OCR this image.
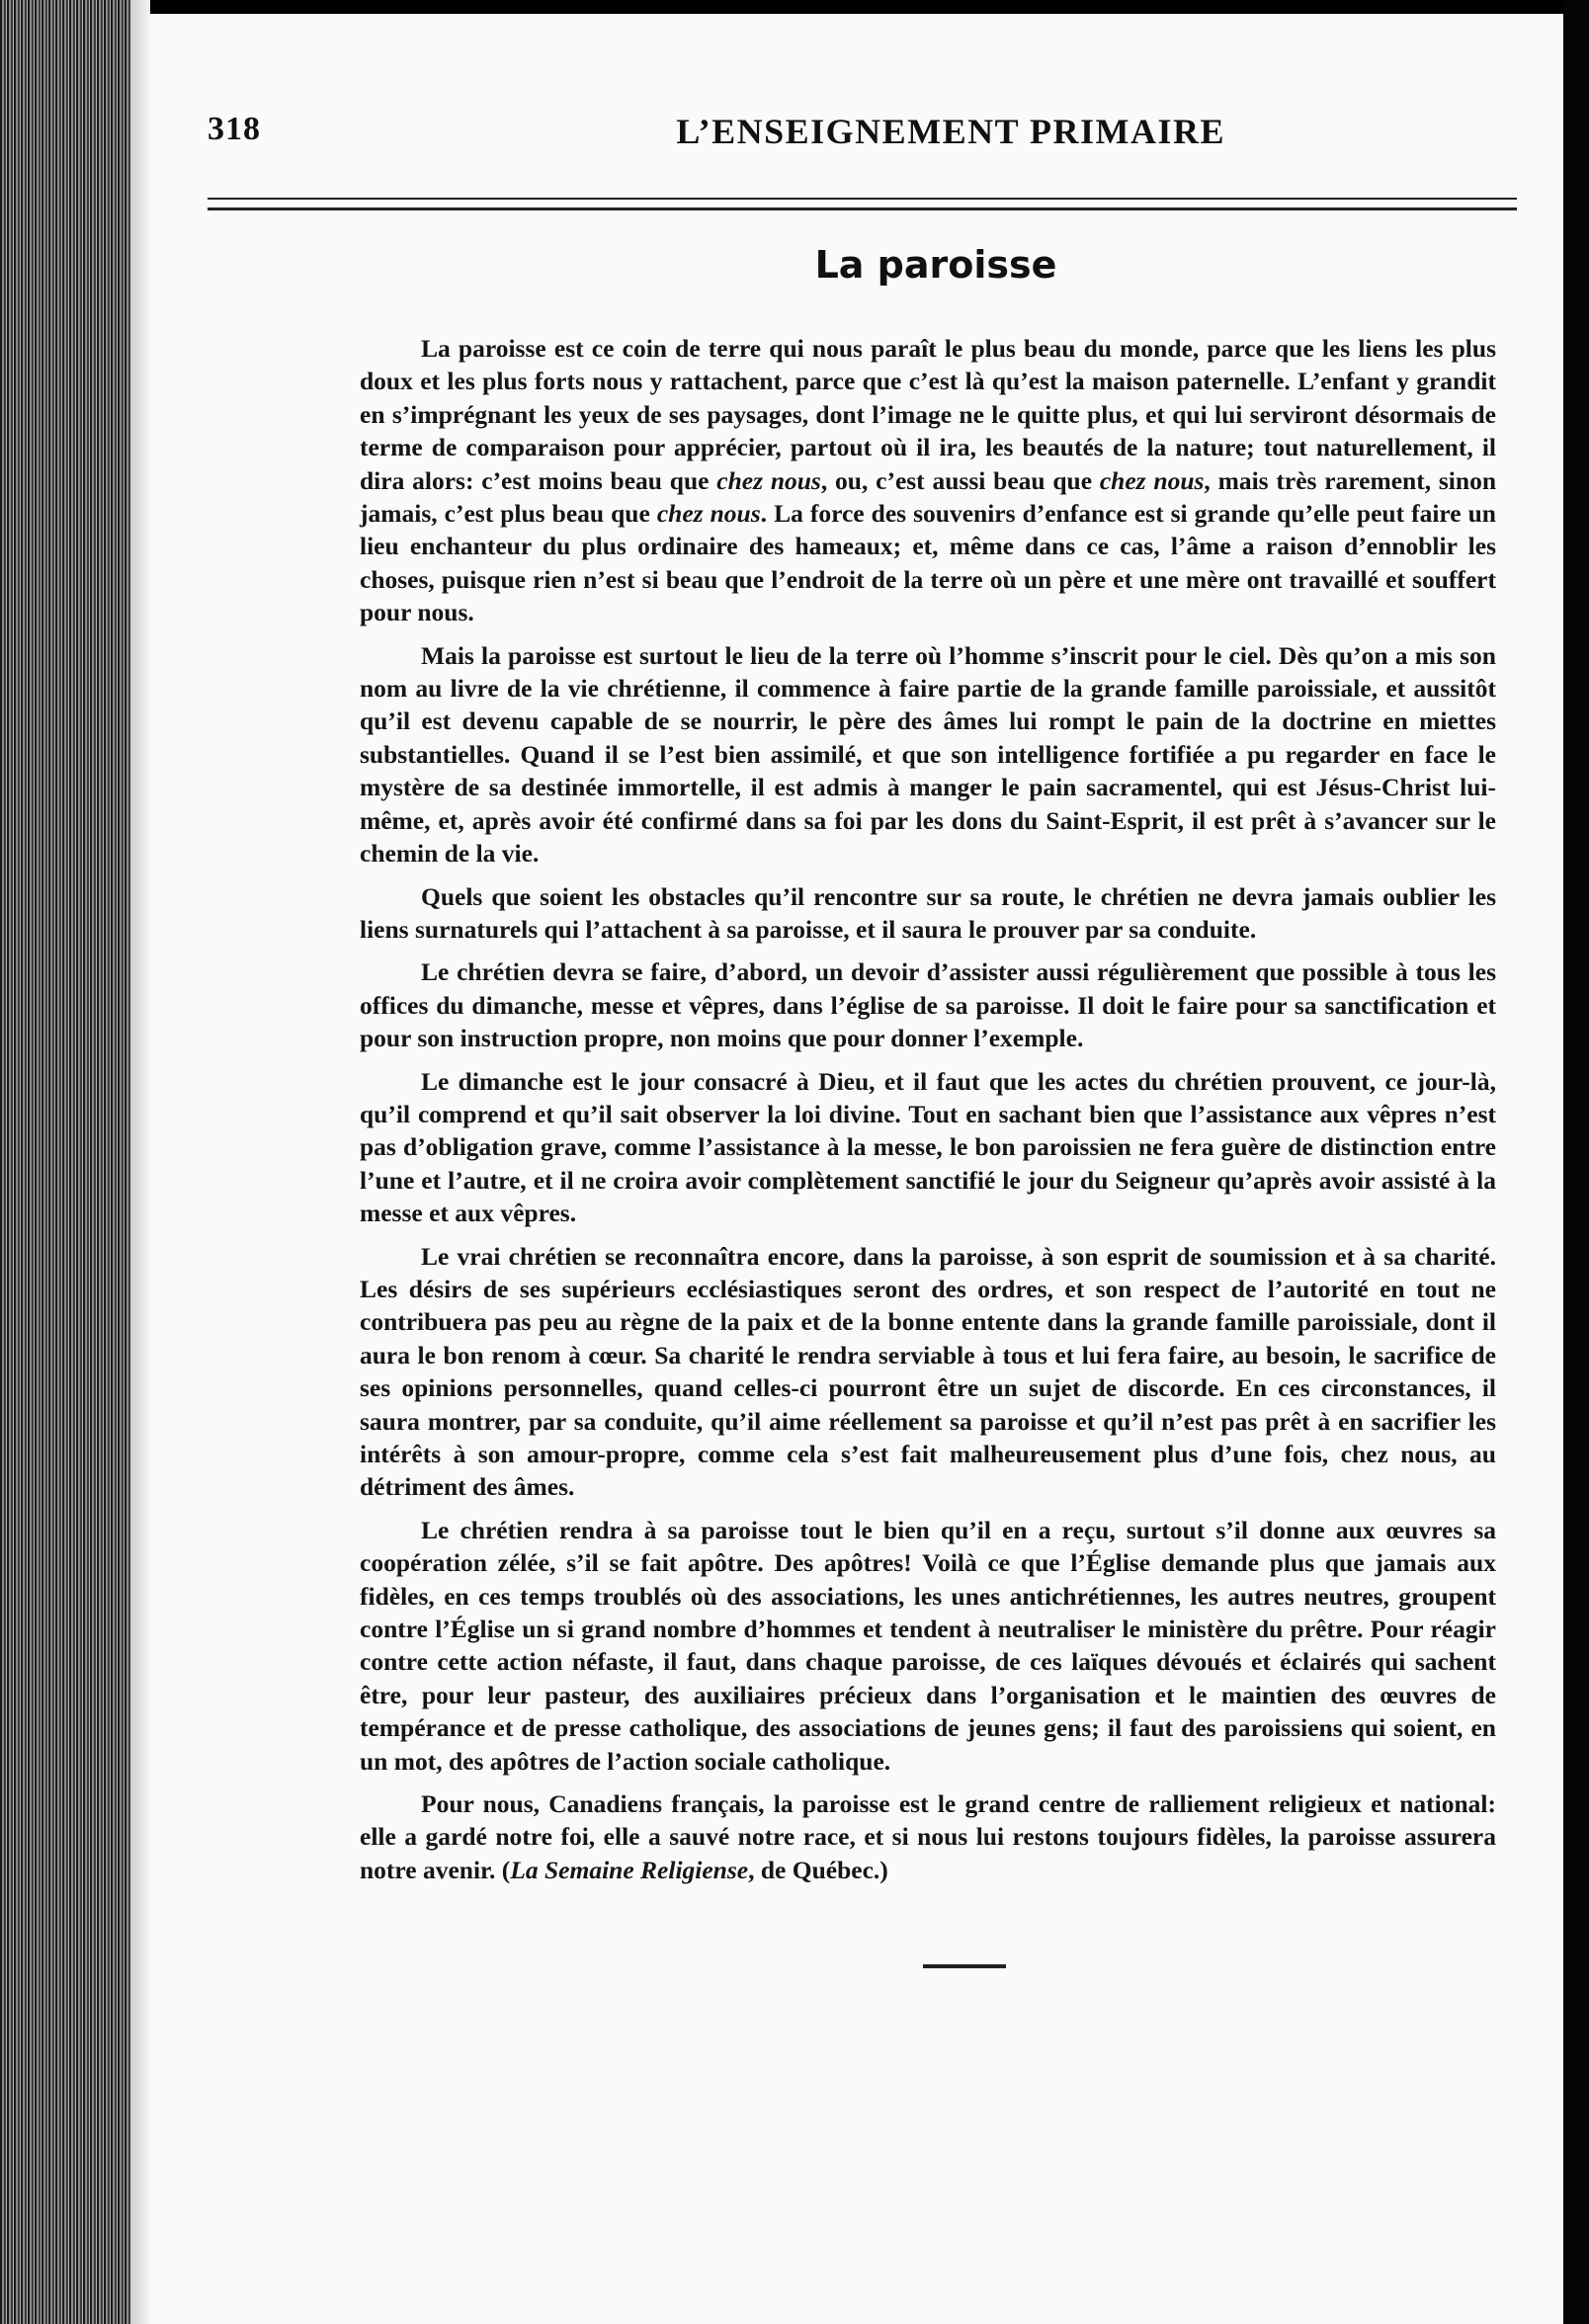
318	L’ENSEIGNEMENT PRIMAIRE
La paroisse

La paroisse est ce coin de terre qui nous paraît le plus beau du monde, parce que les liens les plus doux et les plus forts nous y rattachent, parce que c’est là qu’est la maison paternelle. L’enfant y grandit en s’imprégnant les yeux de ses paysages, dont l’image ne le quitte plus, et qui lui serviront désormais de terme de comparaison pour apprécier, partout où il ira, les beautés de la nature; tout naturellement, il dira alors: c’est moins beau que chez nous, ou, c’est aussi beau que chez nous, mais très rarement, sinon jamais, c’est plus beau que chez nous. La force des souvenirs d’enfance est si grande qu’elle peut faire un lieu enchanteur du plus ordinaire des hameaux; et, même dans ce cas, l’âme a raison d’ennoblir les choses, puisque rien n’est si beau que l’endroit de la terre où un père et une mère ont travaillé et souffert pour nous.

Mais la paroisse est surtout le lieu de la terre où l’homme s’inscrit pour le ciel. Dès qu’on a mis son nom au livre de la vie chrétienne, il commence à faire partie de la grande famille paroissiale, et aussitôt qu’il est devenu capable de se nourrir, le père des âmes lui rompt le pain de la doctrine en miettes substantielles. Quand il se l’est bien assimilé, et que son intelligence fortifiée a pu regarder en face le mystère de sa destinée immortelle, il est admis à manger le pain sacramentel, qui est Jésus-Christ lui-même, et, après avoir été confirmé dans sa foi par les dons du Saint-Esprit, il est prêt à s’avancer sur le chemin de la vie.

Quels que soient les obstacles qu’il rencontre sur sa route, le chrétien ne devra jamais oublier les liens surnaturels qui l’attachent à sa paroisse, et il saura le prouver par sa conduite.

Le chrétien devra se faire, d’abord, un devoir d’assister aussi régulièrement que possible à tous les offices du dimanche, messe et vêpres, dans l’église de sa paroisse. Il doit le faire pour sa sanctification et pour son instruction propre, non moins que pour donner l’exemple.

Le dimanche est le jour consacré à Dieu, et il faut que les actes du chrétien prouvent, ce jour-là, qu’il comprend et qu’il sait observer la loi divine. Tout en sachant bien que l’assistance aux vêpres n’est pas d’obligation grave, comme l’assistance à la messe, le bon paroissien ne fera guère de distinction entre l’une et l’autre, et il ne croira avoir complètement sanctifié le jour du Seigneur qu’après avoir assisté à la messe et aux vêpres.

Le vrai chrétien se reconnaîtra encore, dans la paroisse, à son esprit de soumission et à sa charité. Les désirs de ses supérieurs ecclésiastiques seront des ordres, et son respect de l’autorité en tout ne contribuera pas peu au règne de la paix et de la bonne entente dans la grande famille paroissiale, dont il aura le bon renom à cœur. Sa charité le rendra serviable à tous et lui fera faire, au besoin, le sacrifice de ses opinions personnelles, quand celles-ci pourront être un sujet de discorde. En ces circonstances, il saura montrer, par sa conduite, qu’il aime réellement sa paroisse et qu’il n’est pas prêt à en sacrifier les intérêts à son amour-propre, comme cela s’est fait malheureusement plus d’une fois, chez nous, au détriment des âmes.

Le chrétien rendra à sa paroisse tout le bien qu’il en a reçu, surtout s’il donne aux œuvres sa coopération zélée, s’il se fait apôtre. Des apôtres! Voilà ce que l’Église demande plus que jamais aux fidèles, en ces temps troublés où des associations, les unes antichrétiennes, les autres neutres, groupent contre l’Église un si grand nombre d’hommes et tendent à neutraliser le ministère du prêtre. Pour réagir contre cette action néfaste, il faut, dans chaque paroisse, de ces laïques dévoués et éclairés qui sachent être, pour leur pasteur, des auxiliaires précieux dans l’organisation et le maintien des œuvres de tempérance et de presse catholique, des associations de jeunes gens; il faut des paroissiens qui soient, en un mot, des apôtres de l’action sociale catholique.

Pour nous, Canadiens français, la paroisse est le grand centre de ralliement religieux et national: elle a gardé notre foi, elle a sauvé notre race, et si nous lui restons toujours fidèles, la paroisse assurera notre avenir. (La Semaine Religiense, de Québec.)
